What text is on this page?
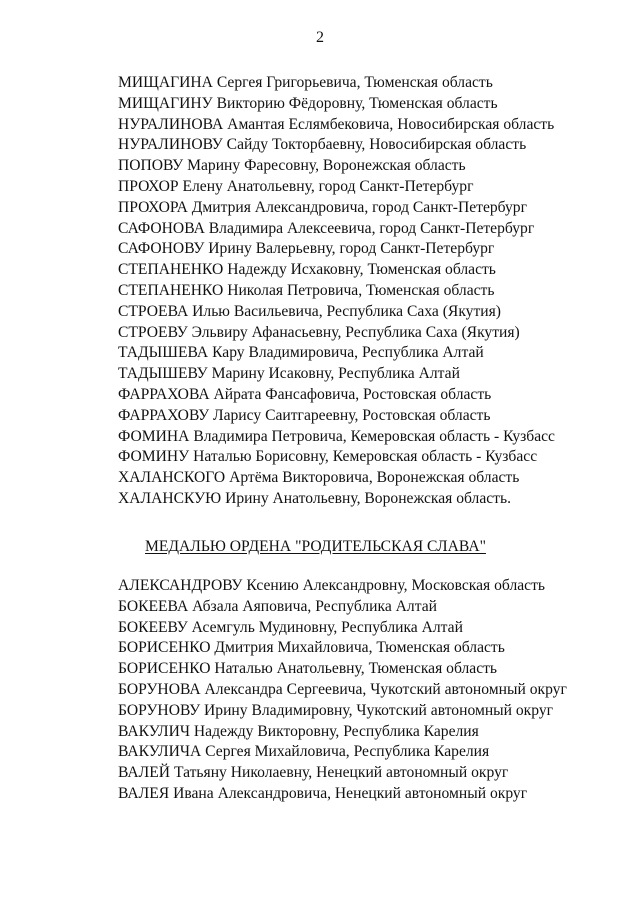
2
МИЩАГИНА Сергея Григорьевича, Тюменская область
МИЩАГИНУ Викторию Фёдоровну, Тюменская область
НУРАЛИНОВА Амантая Еслямбековича, Новосибирская область
НУРАЛИНОВУ Сайду Токторбаевну, Новосибирская область
ПОПОВУ Марину Фаресовну, Воронежская область
ПРОХОР Елену Анатольевну, город Санкт-Петербург
ПРОХОРА Дмитрия Александровича, город Санкт-Петербург
САФОНОВА Владимира Алексеевича, город Санкт-Петербург
САФОНОВУ Ирину Валерьевну, город Санкт-Петербург
СТЕПАНЕНКО Надежду Исхаковну, Тюменская область
СТЕПАНЕНКО Николая Петровича, Тюменская область
СТРОЕВА Илью Васильевича, Республика Саха (Якутия)
СТРОЕВУ Эльвиру Афанасьевну, Республика Саха (Якутия)
ТАДЫШЕВА Кару Владимировича, Республика Алтай
ТАДЫШЕВУ Марину Исаковну, Республика Алтай
ФАРРАХОВА Айрата Фансафовича, Ростовская область
ФАРРАХОВУ Ларису Саитгареевну, Ростовская область
ФОМИНА Владимира Петровича, Кемеровская область - Кузбасс
ФОМИНУ Наталью Борисовну, Кемеровская область - Кузбасс
ХАЛАНСКОГО Артёма Викторовича, Воронежская область
ХАЛАНСКУЮ Ирину Анатольевну, Воронежская область.
МЕДАЛЬЮ ОРДЕНА "РОДИТЕЛЬСКАЯ СЛАВА"
АЛЕКСАНДРОВУ Ксению Александровну, Московская область
БОКЕЕВА Абзала Аяповича, Республика Алтай
БОКЕЕВУ Асемгуль Мудиновну, Республика Алтай
БОРИСЕНКО Дмитрия Михайловича, Тюменская область
БОРИСЕНКО Наталью Анатольевну, Тюменская область
БОРУНОВА Александра Сергеевича, Чукотский автономный округ
БОРУНОВУ Ирину Владимировну, Чукотский автономный округ
ВАКУЛИЧ Надежду Викторовну, Республика Карелия
ВАКУЛИЧА Сергея Михайловича, Республика Карелия
ВАЛЕЙ Татьяну Николаевну, Ненецкий автономный округ
ВАЛЕЯ Ивана Александровича, Ненецкий автономный округ
